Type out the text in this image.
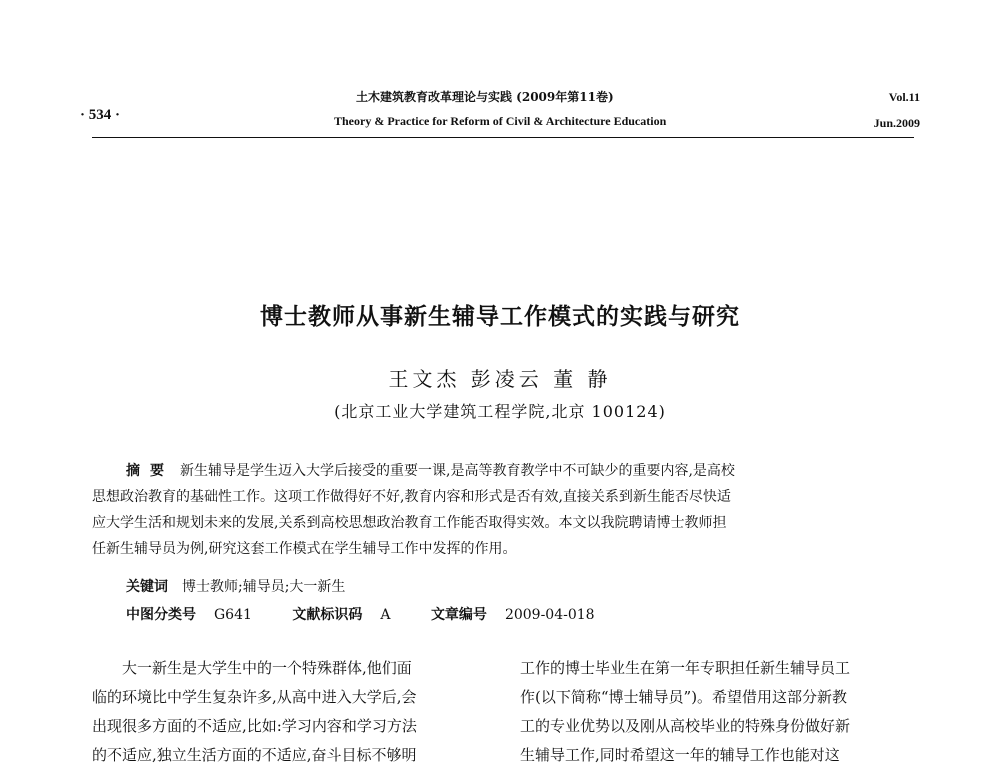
· 534 ·
土木建筑教育改革理论与实践 (2009年第11卷)
Theory & Practice for Reform of Civil & Architecture Education
Vol.11
Jun.2009
博士教师从事新生辅导工作模式的实践与研究
王文杰 彭凌云 董 静
(北京工业大学建筑工程学院,北京 100124)
摘要 新生辅导是学生迈入大学后接受的重要一课,是高等教育教学中不可缺少的重要内容,是高校
思想政治教育的基础性工作。这项工作做得好不好,教育内容和形式是否有效,直接关系到新生能否尽快适
应大学生活和规划未来的发展,关系到高校思想政治教育工作能否取得实效。本文以我院聘请博士教师担
任新生辅导员为例,研究这套工作模式在学生辅导工作中发挥的作用。
关键词 博士教师;辅导员;大一新生
中图分类号 G641	文献标识码 A	文章编号 2009-04-018
大一新生是大学生中的一个特殊群体,他们面
临的环境比中学生复杂许多,从高中进入大学后,会
出现很多方面的不适应,比如:学习内容和学习方法
的不适应,独立生活方面的不适应,奋斗目标不够明
工作的博士毕业生在第一年专职担任新生辅导员工
作(以下简称“博士辅导员”)。希望借用这部分新教
工的专业优势以及刚从高校毕业的特殊身份做好新
生辅导工作,同时希望这一年的辅导工作也能对这
